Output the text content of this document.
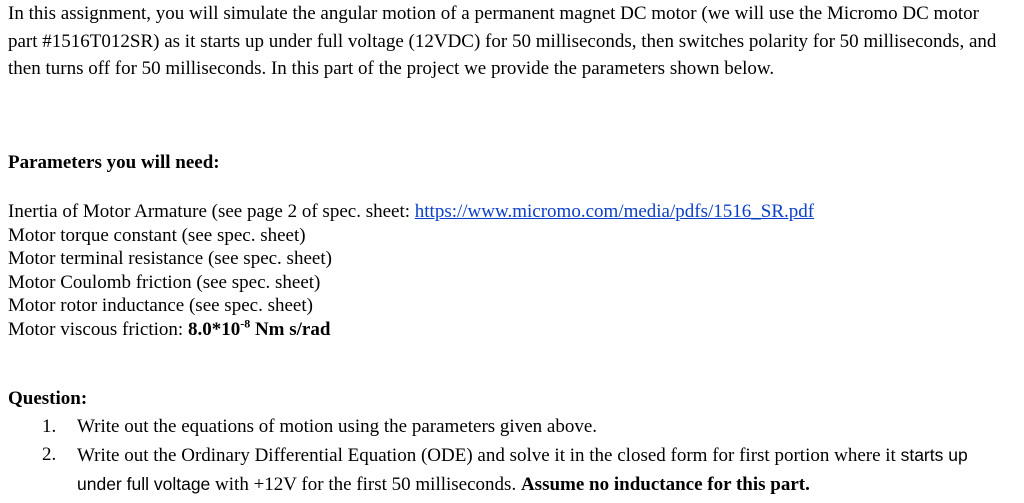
In this assignment, you will simulate the angular motion of a permanent magnet DC motor (we will use the Micromo DC motor part #1516T012SR) as it starts up under full voltage (12VDC) for 50 milliseconds, then switches polarity for 50 milliseconds, and then turns off for 50 milliseconds. In this part of the project we provide the parameters shown below.

Parameters you will need:

Inertia of Motor Armature (see page 2 of spec. sheet: https://www.micromo.com/media/pdfs/1516_SR.pdf
Motor torque constant (see spec. sheet)
Motor terminal resistance (see spec. sheet)
Motor Coulomb friction (see spec. sheet)
Motor rotor inductance (see spec. sheet)
Motor viscous friction: $8.0*10^{-8}$ Nm s/rad

Question:

1. Write out the equations of motion using the parameters given above.
2. Write out the Ordinary Differential Equation (ODE) and solve it in the closed form for first portion where it starts up under full voltage with +12V for the first 50 milliseconds. Assume no inductance for this part.
